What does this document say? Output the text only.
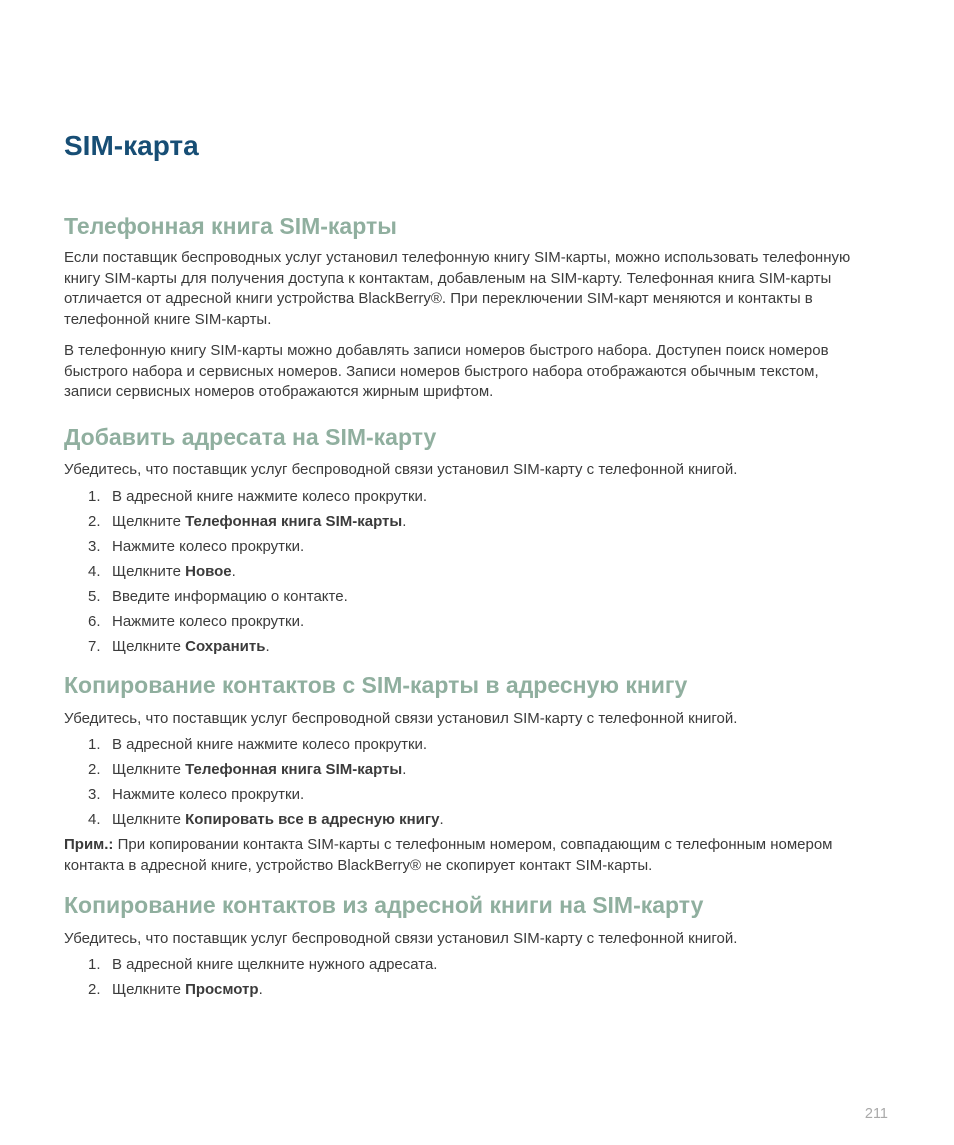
SIM-карта
Телефонная книга SIM-карты
Если поставщик беспроводных услуг установил телефонную книгу SIM-карты, можно использовать телефонную
книгу SIM-карты для получения доступа к контактам, добавленым на SIM-карту. Телефонная книга SIM-карты
отличается от адресной книги устройства BlackBerry®. При переключении SIM-карт меняются и контакты в
телефонной книге SIM-карты.
В телефонную книгу SIM-карты можно добавлять записи номеров быстрого набора. Доступен поиск номеров
быстрого набора и сервисных номеров. Записи номеров быстрого набора отображаются обычным текстом,
записи сервисных номеров отображаются жирным шрифтом.
Добавить адресата на SIM-карту
Убедитесь, что поставщик услуг беспроводной связи установил SIM-карту с телефонной книгой.
1. В адресной книге нажмите колесо прокрутки.
2. Щелкните Телефонная книга SIM-карты.
3. Нажмите колесо прокрутки.
4. Щелкните Новое.
5. Введите информацию о контакте.
6. Нажмите колесо прокрутки.
7. Щелкните Сохранить.
Копирование контактов с SIM-карты в адресную книгу
Убедитесь, что поставщик услуг беспроводной связи установил SIM-карту с телефонной книгой.
1. В адресной книге нажмите колесо прокрутки.
2. Щелкните Телефонная книга SIM-карты.
3. Нажмите колесо прокрутки.
4. Щелкните Копировать все в адресную книгу.
Прим.: При копировании контакта SIM-карты с телефонным номером, совпадающим с телефонным номером
контакта в адресной книге, устройство BlackBerry® не скопирует контакт SIM-карты.
Копирование контактов из адресной книги на SIM-карту
Убедитесь, что поставщик услуг беспроводной связи установил SIM-карту с телефонной книгой.
1. В адресной книге щелкните нужного адресата.
2. Щелкните Просмотр.
211
